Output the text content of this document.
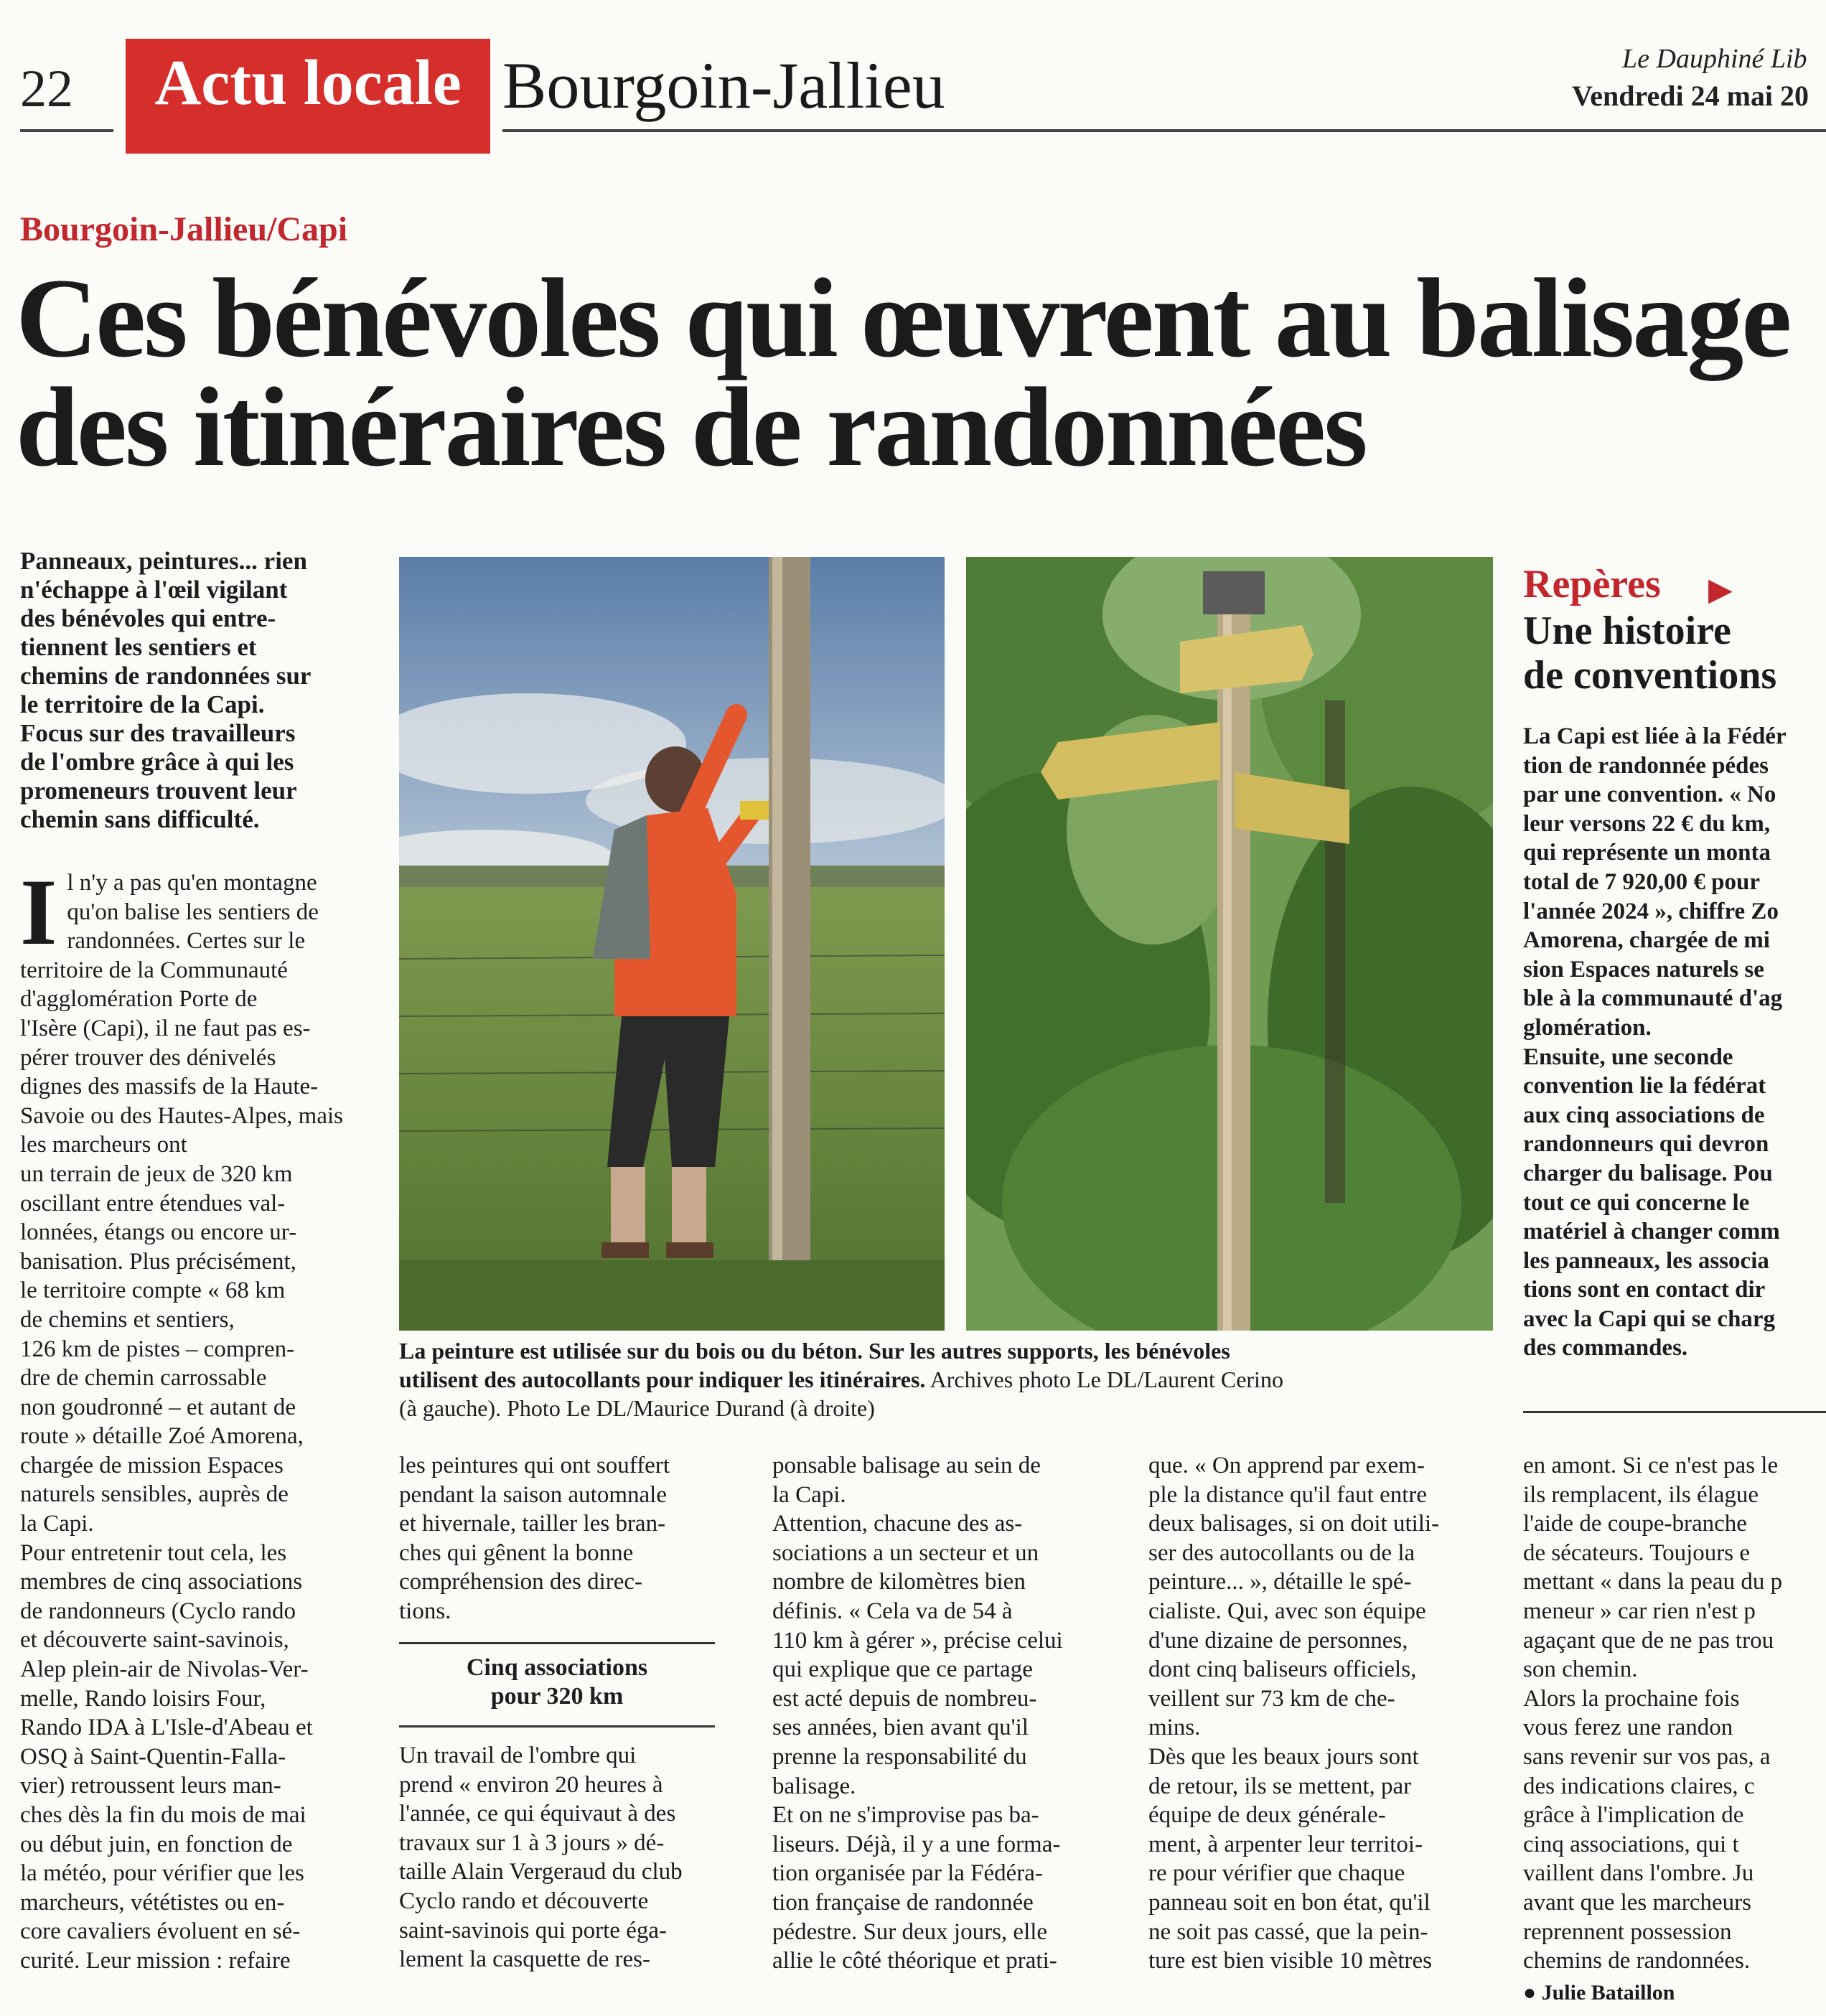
22	Actu locale Bourgoin-Jallieu	Le Dauphiné Lib
Vendredi 24 mai 20
Bourgoin-Jallieu/Capi
Ces bénévoles qui œuvrent au balisage
des itinéraires de randonnées
Panneaux, peintures... rien
n'échappe à l'œil vigilant
des bénévoles qui entre-
tiennent les sentiers et
chemins de randonnées sur
le territoire de la Capi.
Focus sur des travailleurs
de l'ombre grâce à qui les
promeneurs trouvent leur
chemin sans difficulté.
Il n'y a pas qu'en montagne
qu'on balise les sentiers de
randonnées. Certes sur le
territoire de la Communauté
d'agglomération Porte de
l'Isère (Capi), il ne faut pas es-
pérer trouver des dénivelés
dignes des massifs de la Haute-
Savoie ou des Hautes-Alpes, mais les marcheurs ont
un terrain de jeux de 320 km
oscillant entre étendues val-
lonnées, étangs ou encore ur-
banisation. Plus précisément,
le territoire compte « 68 km
de chemins et sentiers,
126 km de pistes – compren-
dre de chemin carrossable
non goudronné – et autant de
route » détaille Zoé Amorena,
chargée de mission Espaces
naturels sensibles, auprès de
la Capi.
Pour entretenir tout cela, les
membres de cinq associations
de randonneurs (Cyclo rando
et découverte saint-savinois,
Alep plein-air de Nivolas-Ver-
melle, Rando loisirs Four,
Rando IDA à L'Isle-d'Abeau et
OSQ à Saint-Quentin-Falla-
vier) retroussent leurs man-
ches dès la fin du mois de mai
ou début juin, en fonction de
la météo, pour vérifier que les
marcheurs, vététistes ou en-
core cavaliers évoluent en sé-
curité. Leur mission : refaire
La peinture est utilisée sur du bois ou du béton. Sur les autres supports, les bénévoles
utilisent des autocollants pour indiquer les itinéraires. Archives photo Le DL/Laurent Cerino
(à gauche). Photo Le DL/Maurice Durand (à droite)
les peintures qui ont souffert
pendant la saison automnale
et hivernale, tailler les bran-
ches qui gênent la bonne
compréhension des direc-
tions.
Cinq associations
pour 320 km
Un travail de l'ombre qui
prend « environ 20 heures à
l'année, ce qui équivaut à des
travaux sur 1 à 3 jours » dé-
taille Alain Vergeraud du club
Cyclo rando et découverte
saint-savinois qui porte éga-
lement la casquette de res-
ponsable balisage au sein de
la Capi.
Attention, chacune des as-
sociations a un secteur et un
nombre de kilomètres bien
définis. « Cela va de 54 à
110 km à gérer », précise celui
qui explique que ce partage
est acté depuis de nombreu-
ses années, bien avant qu'il
prenne la responsabilité du
balisage.
Et on ne s'improvise pas ba-
liseurs. Déjà, il y a une forma-
tion organisée par la Fédéra-
tion française de randonnée
pédestre. Sur deux jours, elle
allie le côté théorique et prati-
que. « On apprend par exem-
ple la distance qu'il faut entre
deux balisages, si on doit utili-
ser des autocollants ou de la
peinture... », détaille le spé-
cialiste. Qui, avec son équipe
d'une dizaine de personnes,
dont cinq baliseurs officiels,
veillent sur 73 km de che-
mins.
Dès que les beaux jours sont
de retour, ils se mettent, par
équipe de deux générale-
ment, à arpenter leur territoi-
re pour vérifier que chaque
panneau soit en bon état, qu'il
ne soit pas cassé, que la pein-
ture est bien visible 10 mètres
en amont. Si ce n'est pas le
ils remplacent, ils élague
l'aide de coupe-branche
de sécateurs. Toujours e
mettant « dans la peau du p
meneur » car rien n'est p
agaçant que de ne pas trou
son chemin.
Alors la prochaine fois
vous ferez une randon
sans revenir sur vos pas, a
des indications claires, c
grâce à l'implication de
cinq associations, qui t
vaillent dans l'ombre. Ju
avant que les marcheurs
reprennent possession
chemins de randonnées.
● Julie Bataillon
Repères ▶
Une histoire
de conventions
La Capi est liée à la Fédér
tion de randonnée pédes
par une convention. « No
leur versons 22 € du km,
qui représente un monta
total de 7 920,00 € pour
l'année 2024 », chiffre Zo
Amorena, chargée de mi
sion Espaces naturels se
ble à la communauté d'ag
glomération.
Ensuite, une seconde
convention lie la fédérat
aux cinq associations de
randonneurs qui devron
charger du balisage. Pou
tout ce qui concerne le
matériel à changer comm
les panneaux, les associa
tions sont en contact dir
avec la Capi qui se charg
des commandes.
